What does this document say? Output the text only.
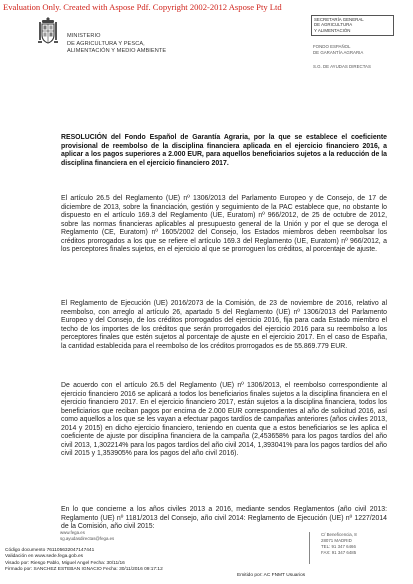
Evaluation Only. Created with Aspose Pdf. Copyright 2002-2012 Aspose Pty Ltd
MINISTERIO
DE AGRICULTURA Y PESCA,
ALIMENTACIÓN Y MEDIO AMBIENTE
SECRETARÍA GENERAL
DE AGRICULTURA
Y ALIMENTACIÓN
FONDO ESPAÑOL
DE GARANTÍA AGRARIA
S.G. DE AYUDAS DIRECTAS
RESOLUCIÓN del Fondo Español de Garantía Agraria, por la que se establece el coeficiente provisional de reembolso de la disciplina financiera aplicada en el ejercicio financiero 2016, a aplicar a los pagos superiores a 2.000 EUR, para aquellos beneficiarios sujetos a la reducción de la disciplina financiera en el ejercicio financiero 2017.
El artículo 26.5 del Reglamento (UE) nº 1306/2013 del Parlamento Europeo y de Consejo, de 17 de diciembre de 2013, sobre la financiación, gestión y seguimiento de la PAC establece que, no obstante lo dispuesto en el artículo 169.3 del Reglamento (UE, Euratom) nº 966/2012, de 25 de octubre de 2012, sobre las normas financieras aplicables al presupuesto general de la Unión y por el que se deroga el Reglamento (CE, Euratom) nº 1605/2002 del Consejo, los Estados miembros deben reembolsar los créditos prorrogados a los que se refiere el artículo 169.3 del Reglamento (UE, Euratom) nº 966/2012, a los perceptores finales sujetos, en el ejercicio al que se prorroguen los créditos, al porcentaje de ajuste.
El Reglamento de Ejecución (UE) 2016/2073 de la Comisión, de 23 de noviembre de 2016, relativo al reembolso, con arreglo al artículo 26, apartado 5 del Reglamento (UE) nº 1306/2013 del Parlamento Europeo y del Consejo, de los créditos prorrogados del ejercicio 2016, fija para cada Estado miembro el techo de los importes de los créditos que serán prorrogados del ejercicio 2016 para su reembolso a los perceptores finales que estén sujetos al porcentaje de ajuste en el ejercicio 2017. En el caso de España, la cantidad establecida para el reembolso de los créditos prorrogados es de 55.869.779 EUR.
De acuerdo con el artículo 26.5 del Reglamento (UE) nº 1306/2013, el reembolso correspondiente al ejercicio financiero 2016 se aplicará a todos los beneficiarios finales sujetos a la disciplina financiera en el ejercicio financiero 2017. En el ejercicio financiero 2017, están sujetos a la disciplina financiera, todos los beneficiarios que reciban pagos por encima de 2.000 EUR correspondientes al año de solicitud 2016, así como aquellos a los que se les vayan a efectuar pagos tardíos de campañas anteriores (años civiles 2013, 2014 y 2015) en dicho ejercicio financiero, teniendo en cuenta que a estos beneficiarios se les aplica el coeficiente de ajuste por disciplina financiera de la campaña (2,453658% para los pagos tardíos del año civil 2013, 1,302214% para los pagos tardíos del año civil 2014, 1,393041% para los pagos tardíos del año civil 2015 y 1,353905% para los pagos del año civil 2016).
En lo que concierne a los años civiles 2013 a 2016, mediante sendos Reglamentos (año civil 2013: Reglamento (UE) nº 1181/2013 del Consejo, año civil 2014: Reglamento de Ejecución (UE) nº 1227/2014 de la Comisión, año civil 2015:
www.fega.es
sg.ayudasdirectas@fega.es
C/ Beneficencia, 8
28071 MADRID
TEL: 91 347 6466
FAX: 91 347 6485
Código documento 761105632047147441
Validación en www.sede.fega.gob.es
Visado por: Riesgo Pablo, Miguel Angel Fecha: 30/11/16
Firmado por: SANCHEZ ESTEBAN IGNACIO Fecha: 30/11/2016 09:17:12
Emitido por: AC FNMT Usuarios
